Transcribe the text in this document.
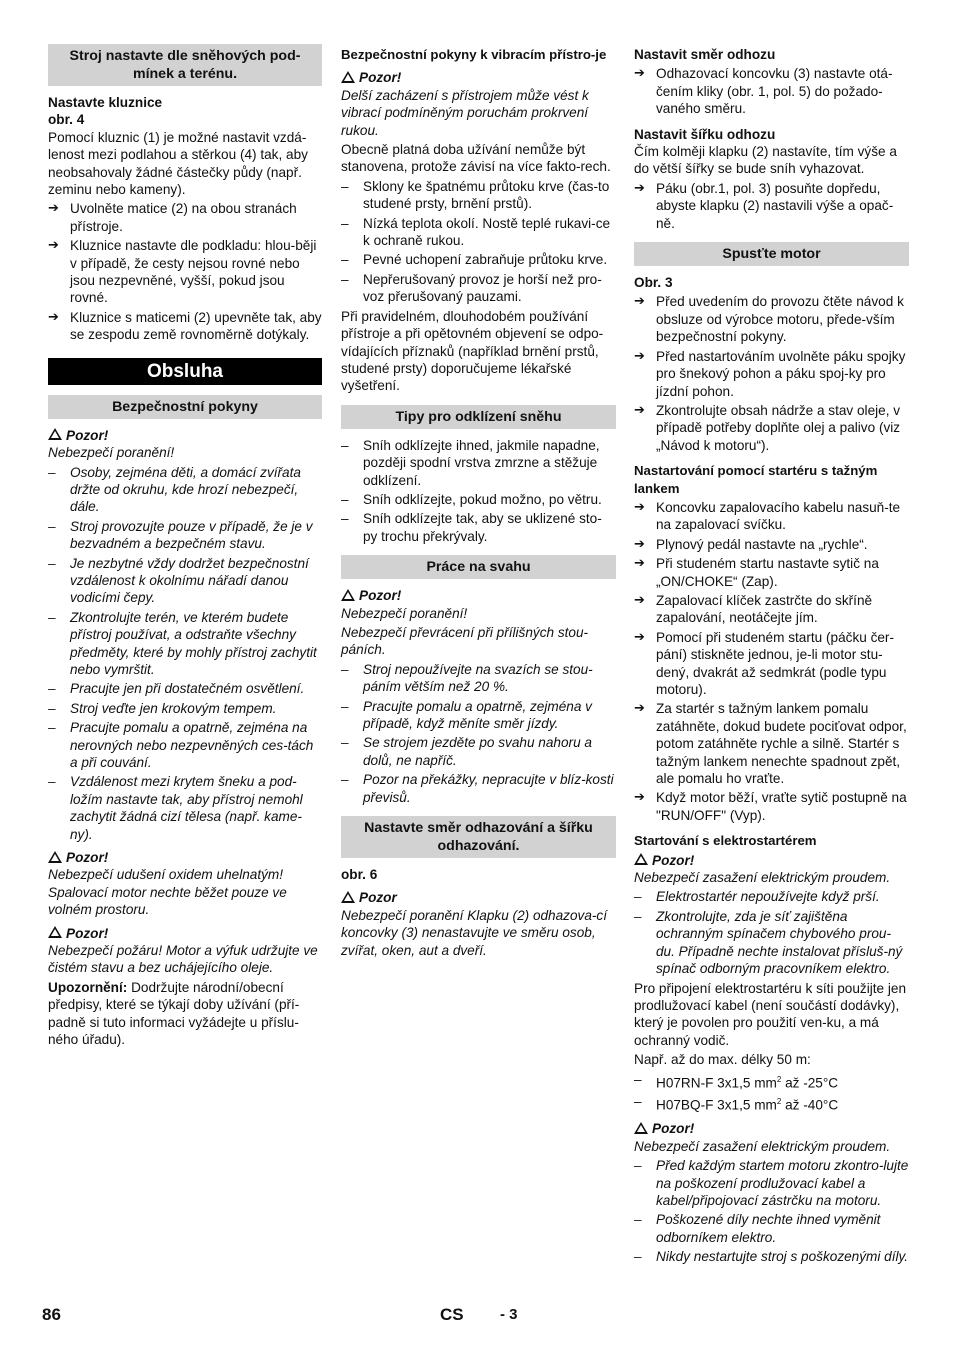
Stroj nastavte dle sněhových pod-
mínek a terénu.
Nastavte kluznice
obr. 4
Pomocí kluznic (1) je možné nastavit vzdá-lenost mezi podlahou a stěrkou (4) tak, aby neobsahovaly žádné částečky půdy (např. zeminu nebo kameny).
➔ Uvolněte matice (2) na obou stranách přístroje.
➔ Kluznice nastavte dle podkladu: hlou-běji v případě, že cesty nejsou rovné nebo jsou nezpevněné, vyšší, pokud jsou rovné.
➔ Kluznice s maticemi (2) upevněte tak, aby se zespodu země rovnoměrně dotýkaly.
Obsluha
Bezpečnostní pokyny
Pozor!
Nebezpečí poranění!
– Osoby, zejména děti, a domácí zvířata držte od okruhu, kde hrozí nebezpečí, dále.
– Stroj provozujte pouze v případě, že je v bezvadném a bezpečném stavu.
– Je nezbytné vždy dodržet bezpečnostní vzdálenost k okolnímu nářadí danou vodicími čepy.
– Zkontrolujte terén, ve kterém budete přístroj používat, a odstraňte všechny předměty, které by mohly přístroj zachytit nebo vymrštit.
– Pracujte jen při dostatečném osvětlení.
– Stroj veďte jen krokovým tempem.
– Pracujte pomalu a opatrně, zejména na nerovných nebo nezpevněných ces-tách a při couvání.
– Vzdálenost mezi krytem šneku a pod-ložím nastavte tak, aby přístroj nemohl zachytit žádná cizí tělesa (např. kame-ny).
Pozor!
Nebezpečí udušení oxidem uhelnatým! Spalovací motor nechte běžet pouze ve volném prostoru.
Pozor!
Nebezpečí požáru! Motor a výfuk udržujte ve čistém stavu a bez uchájejícího oleje.
Upozornění: Dodržujte národní/obecní předpisy, které se týkají doby užívání (pří-padně si tuto informaci vyžádejte u příslu-ného úřadu).
Bezpečnostní pokyny k vibracím přístro-je
Pozor!
Delší zacházení s přístrojem může vést k vibrací podmíněným poruchám prokrvení rukou.
Obecně platná doba užívání nemůže být stanovena, protože závisí na více fakto-rech.
– Sklony ke špatnému průtoku krve (čas-to studené prsty, brnění prstů).
– Nízká teplota okolí. Nostě teplé rukavi-ce k ochraně rukou.
– Pevné uchopení zabraňuje průtoku krve.
– Nepřerušovaný provoz je horší než pro-voz přerušovaný pauzami.
Při pravidelném, dlouhodobém používání přístroje a při opětovném objevení se odpo-vídajících příznaků (například brnění prstů, studené prsty) doporučujeme lékařské vyšetření.
Tipy pro odklízení sněhu
– Sníh odklízejte ihned, jakmile napadne, později spodní vrstva zmrzne a stěžuje odklízení.
– Sníh odklízejte, pokud možno, po větru.
– Sníh odklízejte tak, aby se uklizené sto-py trochu překrývaly.
Práce na svahu
Pozor!
Nebezpečí poranění!
Nebezpečí převrácení při přílišných stou-páních.
– Stroj nepoužívejte na svazích se stou-páním větším než 20 %.
– Pracujte pomalu a opatrně, zejména v případě, když měníte směr jízdy.
– Se strojem jezděte po svahu nahoru a dolů, ne napříč.
– Pozor na překážky, nepracujte v blíz-kosti převisů.
Nastavte směr odhazování a šířku odhazování.
obr. 6
Pozor
Nebezpečí poranění Klapku (2) odhazova-cí koncovky (3) nenastavujte ve směru osob, zvířat, oken, aut a dveří.
Nastavit směr odhozu
➔ Odhazovací koncovku (3) nastavte otá-čením kliky (obr. 1, pol. 5) do požado-vaného směru.
Nastavit šířku odhozu
Čím kolměji klapku (2) nastavíte, tím výše a do větší šířky se bude sníh vyhazovat.
➔ Páku (obr.1, pol. 3) posuňte dopředu, abyste klapku (2) nastavili výše a opač-ně.
Spusťte motor
Obr. 3
➔ Před uvedením do provozu čtěte návod k obsluze od výrobce motoru, přede-vším bezpečnostní pokyny.
➔ Před nastartováním uvolněte páku spojky pro šnekový pohon a páku spoj-ky pro jízdní pohon.
➔ Zkontrolujte obsah nádrže a stav oleje, v případě potřeby doplňte olej a palivo (viz „Návod k motoru“).
Nastartování pomocí startéru s tažným lankem
➔ Koncovku zapalovacího kabelu nasuň-te na zapalovací svíčku.
➔ Plynový pedál nastavte na „rychle“.
➔ Při studeném startu nastavte sytič na „ON/CHOKE“ (Zap).
➔ Zapalovací klíček zastrčte do skříně zapalování, neotáčejte jím.
➔ Pomocí při studeném startu (páčku čer-pání) stiskněte jednou, je-li motor stu-dený, dvakrát až sedmkrát (podle typu motoru).
➔ Za startér s tažným lankem pomalu zatáhněte, dokud budete pociťovat odpor, potom zatáhněte rychle a silně. Startér s tažným lankem nenechte spadnout zpět, ale pomalu ho vraťte.
➔ Když motor běží, vraťte sytič postupně na "RUN/OFF" (Vyp).
Startování s elektrostartérem
Pozor!
Nebezpečí zasažení elektrickým proudem.
– Elektrostartér nepoužívejte když prší.
– Zkontrolujte, zda je síť zajištěna ochranným spínačem chybového prou-du. Případně nechte instalovat přísluš-ný spínač odborným pracovníkem elektro.
Pro připojení elektrostartéru k síti použijte jen prodlužovací kabel (není součástí dodávky), který je povolen pro použití ven-ku, a má ochranný vodič.
Např. až do max. délky 50 m:
– H07RN-F 3x1,5 $mm^2$ až -25°C
– H07BQ-F 3x1,5 $mm^2$ až -40°C
Pozor!
Nebezpečí zasažení elektrickým proudem.
– Před každým startem motoru zkontro-lujte na poškození prodlužovací kabel a kabel/připojovací zástrčku na motoru.
– Poškozené díly nechte ihned vyměnit odborníkem elektro.
– Nikdy nestartujte stroj s poškozenými díly.
86	CS - 3
